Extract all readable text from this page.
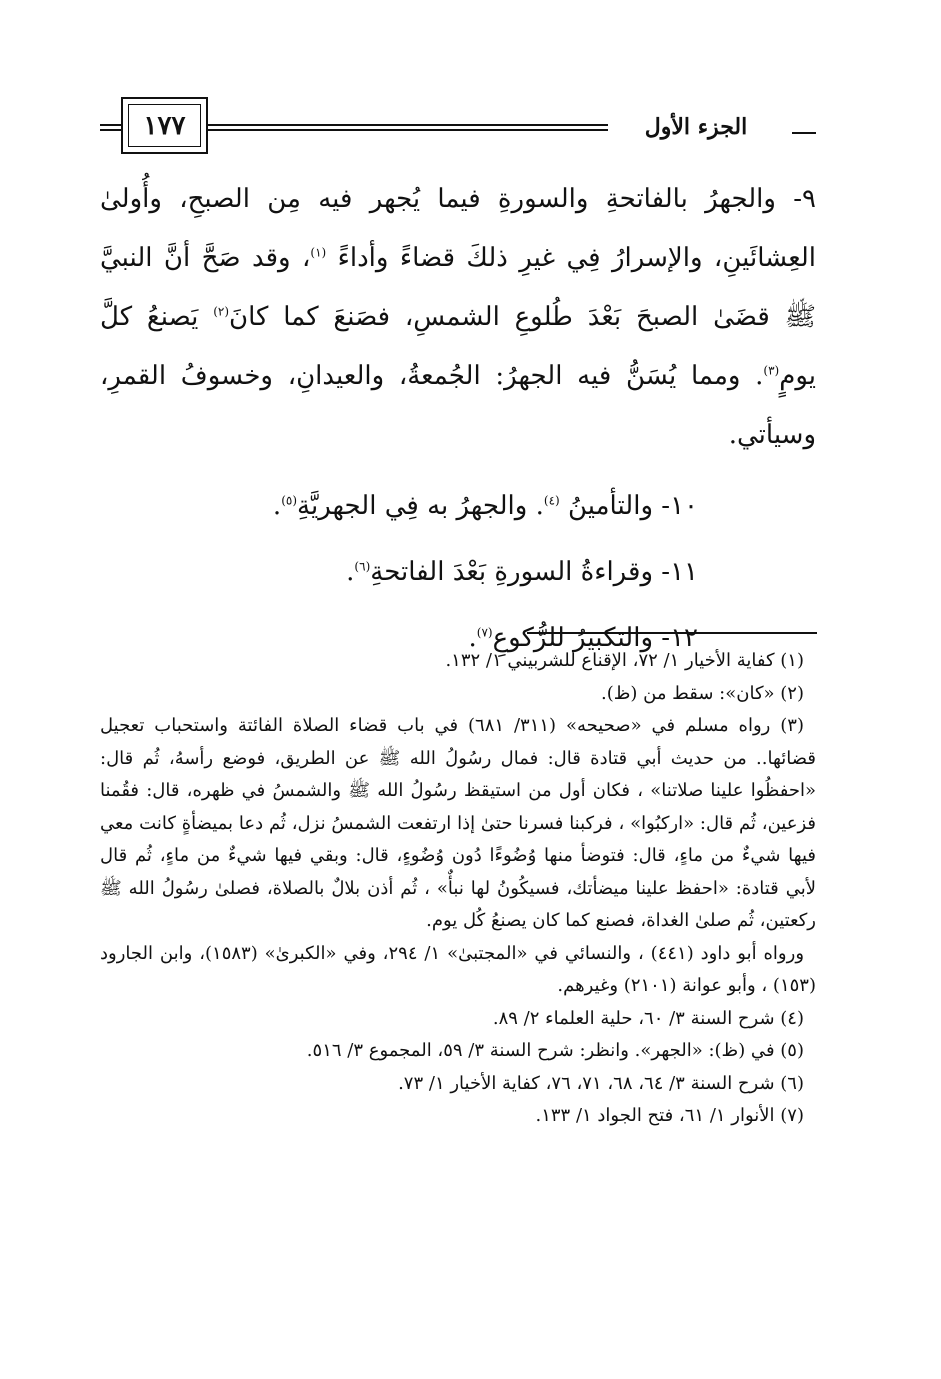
١٧٧	الجزء الأول

٩- والجهرُ بالفاتحةِ والسورةِ فيما يُجهر فيه مِن الصبحِ، وأُولىٰ العِشائَينِ، والإسرارُ فِي غيرِ ذلكَ قضاءً وأداءً $^{(١)}$، وقد صَحَّ أنَّ النبيَّ ﷺ قضَىٰ الصبحَ بَعْدَ طُلوعِ الشمسِ، فصَنعَ كما كانَ$^{(٢)}$ يَصنعُ كلَّ يومٍ$^{(٣)}$. ومما يُسَنُّ فيه الجهرُ: الجُمعةُ، والعيدانِ، وخسوفُ القمرِ، وسيأتي.

١٠- والتأمينُ $^{(٤)}$. والجهرُ به فِي الجهريَّةِ$^{(٥)}$.

١١- وقراءةُ السورةِ بَعْدَ الفاتحةِ$^{(٦)}$.

١٢- والتكبيرُ للرُّكوعِ$^{(٧)}$.

(١) كفاية الأخيار ١/ ٧٢، الإقناع للشربيني ١/ ١٣٢.

(٢) «كان»: سقط من (ظ).

(٣) رواه مسلم في «صحيحه» (٣١١/ ٦٨١) في باب قضاء الصلاة الفائتة واستحباب تعجيل قضائها.. من حديث أبي قتادة قال: فمال رسُولُ الله ﷺ عن الطريق، فوضع رأسهُ، ثُم قال: «احفظُوا علينا صلاتنا» ، فكان أول من استيقظ رسُولُ الله ﷺ والشمسُ في ظهره، قال: فقُمنا فزعين، ثُم قال: «اركبُوا» ، فركبنا فسرنا حتىٰ إذا ارتفعت الشمسُ نزل، ثُم دعا بميضأةٍ كانت معي فيها شيءٌ من ماءٍ، قال: فتوضأ منها وُضُوءًا دُون وُضُوءٍ، قال: وبقي فيها شيءٌ من ماءٍ، ثُم قال لأبي قتادة: «احفظ علينا ميضأتك، فسيكُونُ لها نبأٌ» ، ثُم أذن بلالٌ بالصلاة، فصلىٰ رسُولُ الله ﷺ ركعتين، ثُم صلىٰ الغداة، فصنع كما كان يصنعُ كُل يوم.

ورواه أبو داود (٤٤١) ، والنسائي في «المجتبىٰ» ١/ ٢٩٤، وفي «الكبرىٰ» (١٥٨٣)، وابن الجارود (١٥٣) ، وأبو عوانة (٢١٠١) وغيرهم.

(٤) شرح السنة ٣/ ٦٠، حلية العلماء ٢/ ٨٩.

(٥) في (ظ): «الجهر». وانظر: شرح السنة ٣/ ٥٩، المجموع ٣/ ٥١٦.

(٦) شرح السنة ٣/ ٦٤، ٦٨، ٧١، ٧٦، كفاية الأخيار ١/ ٧٣.

(٧) الأنوار ١/ ٦١، فتح الجواد ١/ ١٣٣.
